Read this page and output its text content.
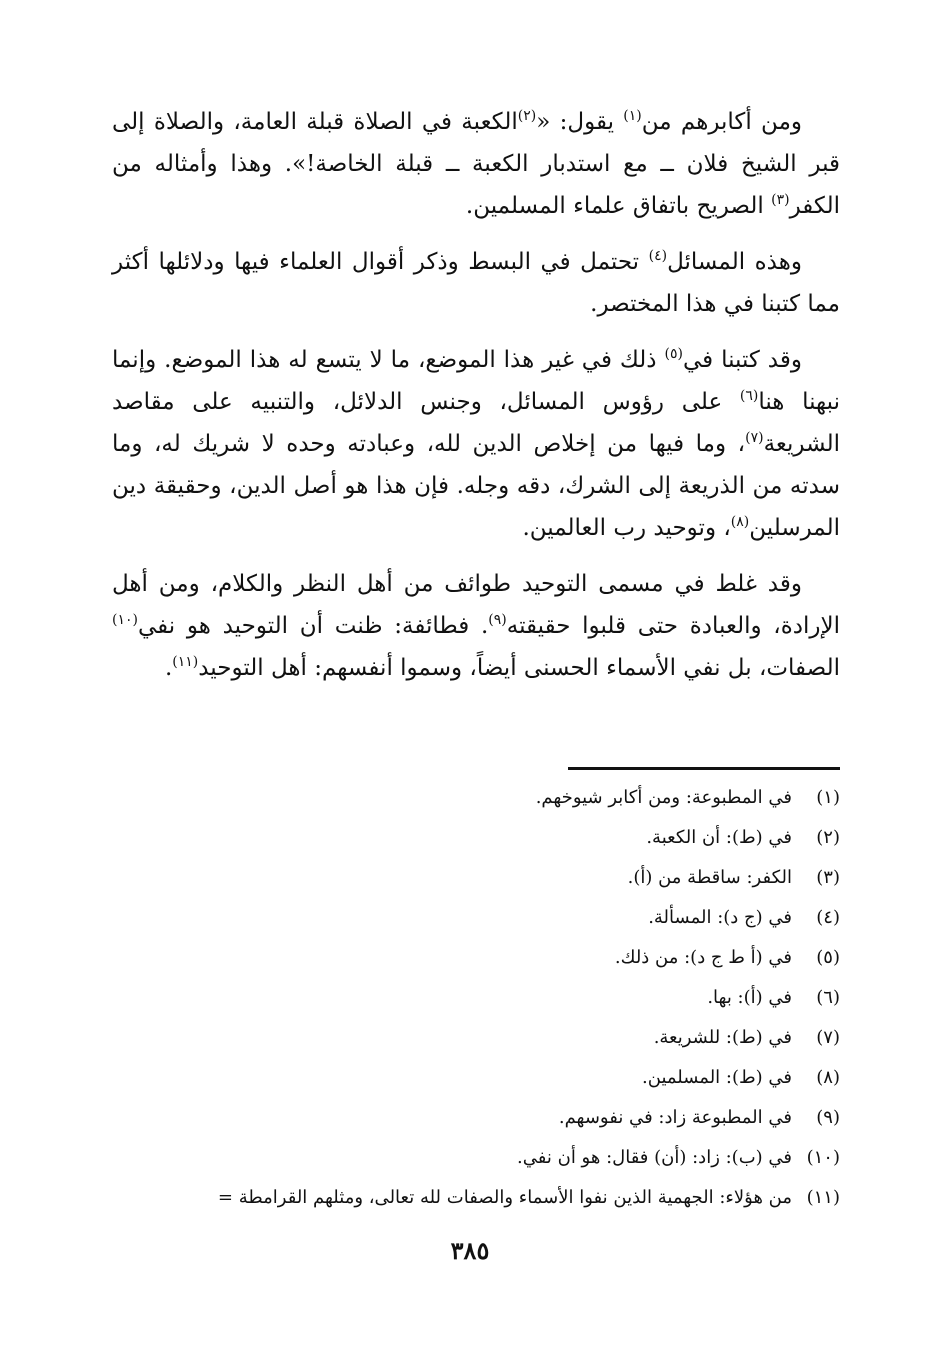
ومن أكابرهم من$^{(١)}$ يقول: «$^{(٢)}$الكعبة في الصلاة قبلة العامة، والصلاة إلى قبر الشيخ فلان ــ مع استدبار الكعبة ــ قبلة الخاصة!». وهذا وأمثاله من الكفر$^{(٣)}$ الصريح باتفاق علماء المسلمين.

وهذه المسائل$^{(٤)}$ تحتمل في البسط وذكر أقوال العلماء فيها ودلائلها أكثر مما كتبنا في هذا المختصر.

وقد كتبنا في$^{(٥)}$ ذلك في غير هذا الموضع، ما لا يتسع له هذا الموضع. وإنما نبهنا هنا$^{(٦)}$ على رؤوس المسائل، وجنس الدلائل، والتنبيه على مقاصد الشريعة$^{(٧)}$، وما فيها من إخلاص الدين لله، وعبادته وحده لا شريك له، وما سدته من الذريعة إلى الشرك، دقه وجله. فإن هذا هو أصل الدين، وحقيقة دين المرسلين$^{(٨)}$، وتوحيد رب العالمين.

وقد غلط في مسمى التوحيد طوائف من أهل النظر والكلام، ومن أهل الإرادة، والعبادة حتى قلبوا حقيقته$^{(٩)}$. فطائفة: ظنت أن التوحيد هو نفي$^{(١٠)}$ الصفات، بل نفي الأسماء الحسنى أيضاً، وسموا أنفسهم: أهل التوحيد$^{(١١)}$.

(١)في المطبوعة: ومن أكابر شيوخهم.
(٢)في (ط): أن الكعبة.
(٣)الكفر: ساقطة من (أ).
(٤)في (ج د): المسألة.
(٥)في (أ ط ج د): من ذلك.
(٦)في (أ): بها.
(٧)في (ط): للشريعة.
(٨)في (ط): المسلمين.
(٩)في المطبوعة زاد: في نفوسهم.
(١٠)في (ب): زاد: (أن) فقال: هو أن نفي.
(١١)من هؤلاء: الجهمية الذين نفوا الأسماء والصفات لله تعالى، ومثلهم القرامطة =
٣٨٥
